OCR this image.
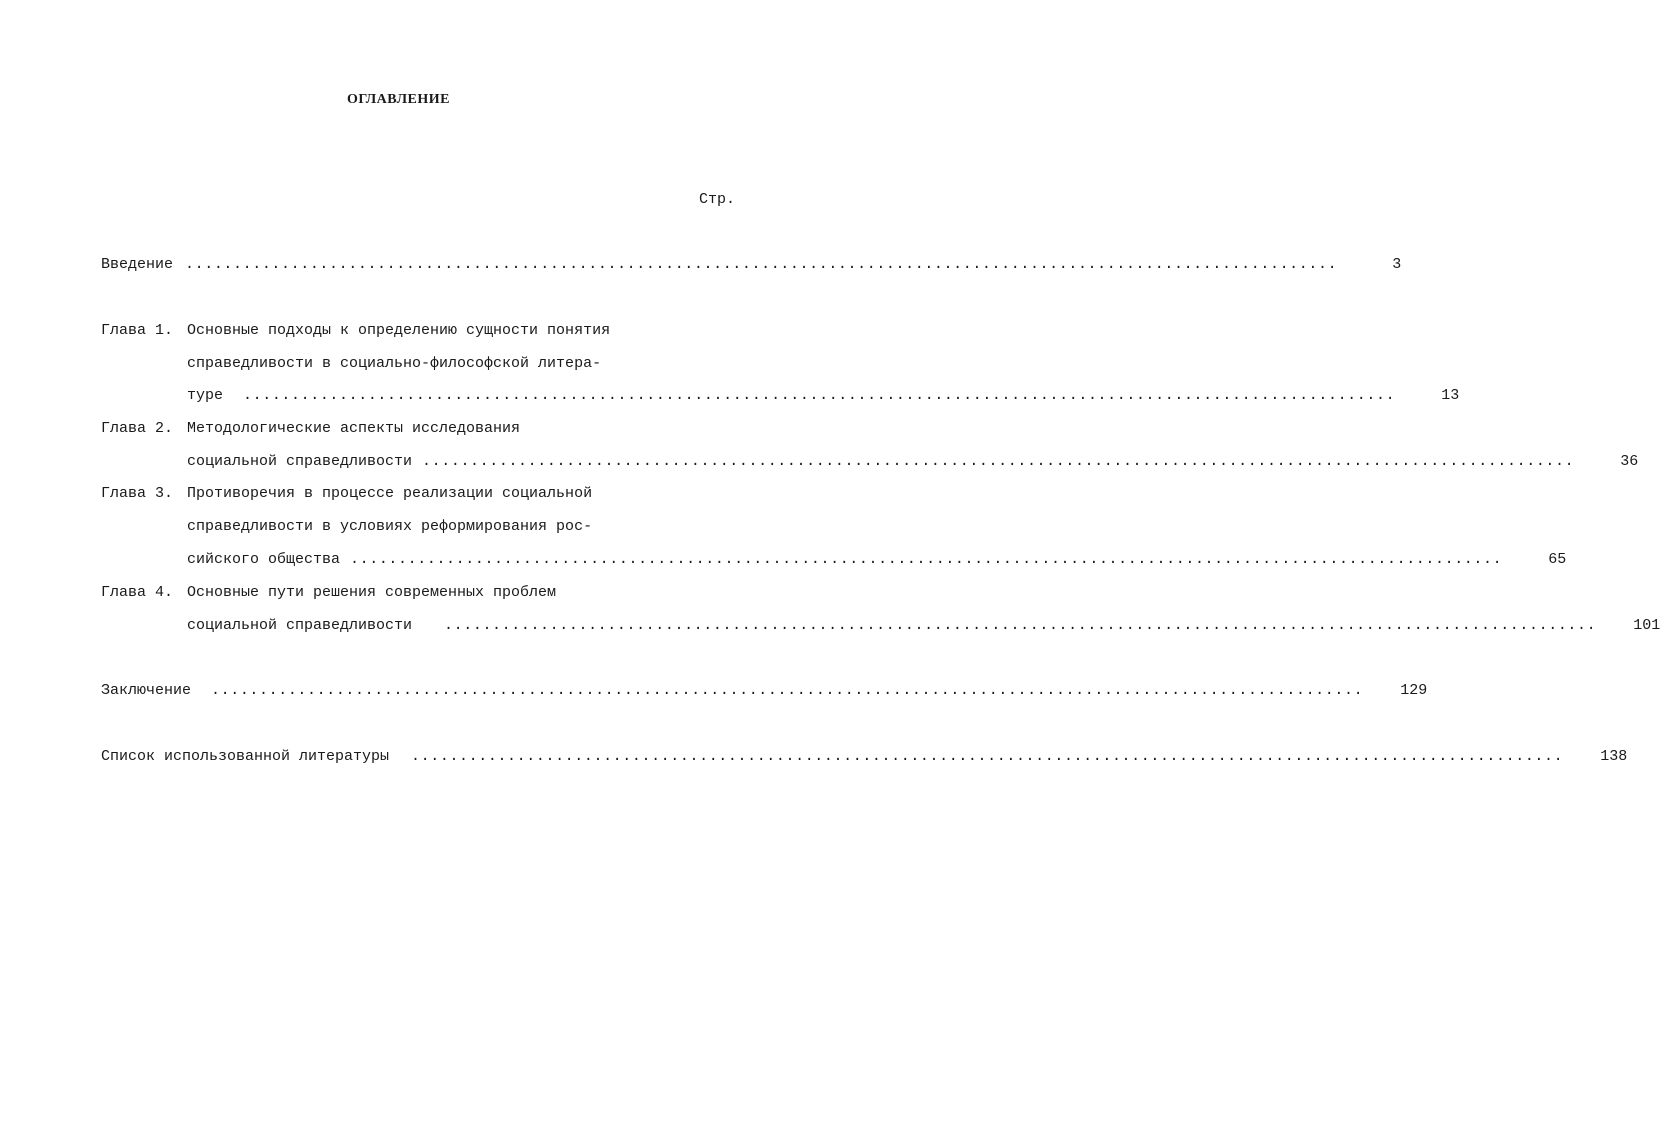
ОГЛАВЛЕНИЕ
Стр.
Введение ........................................................................................................................	3
Глава 1. Основные подходы к определению сущности понятия
справедливости в социально-философской литера-
туре ........................................................................................................................	13
Глава 2. Методологические аспекты исследования
социальной справедливости ........................................................................................................................	36
Глава 3. Противоречия в процессе реализации социальной
справедливости в условиях реформирования рос-
сийского общества ........................................................................................................................	65
Глава 4. Основные пути решения современных проблем
социальной справедливости ........................................................................................................................	101
Заключение ........................................................................................................................	129
Список использованной литературы ........................................................................................................................	138
